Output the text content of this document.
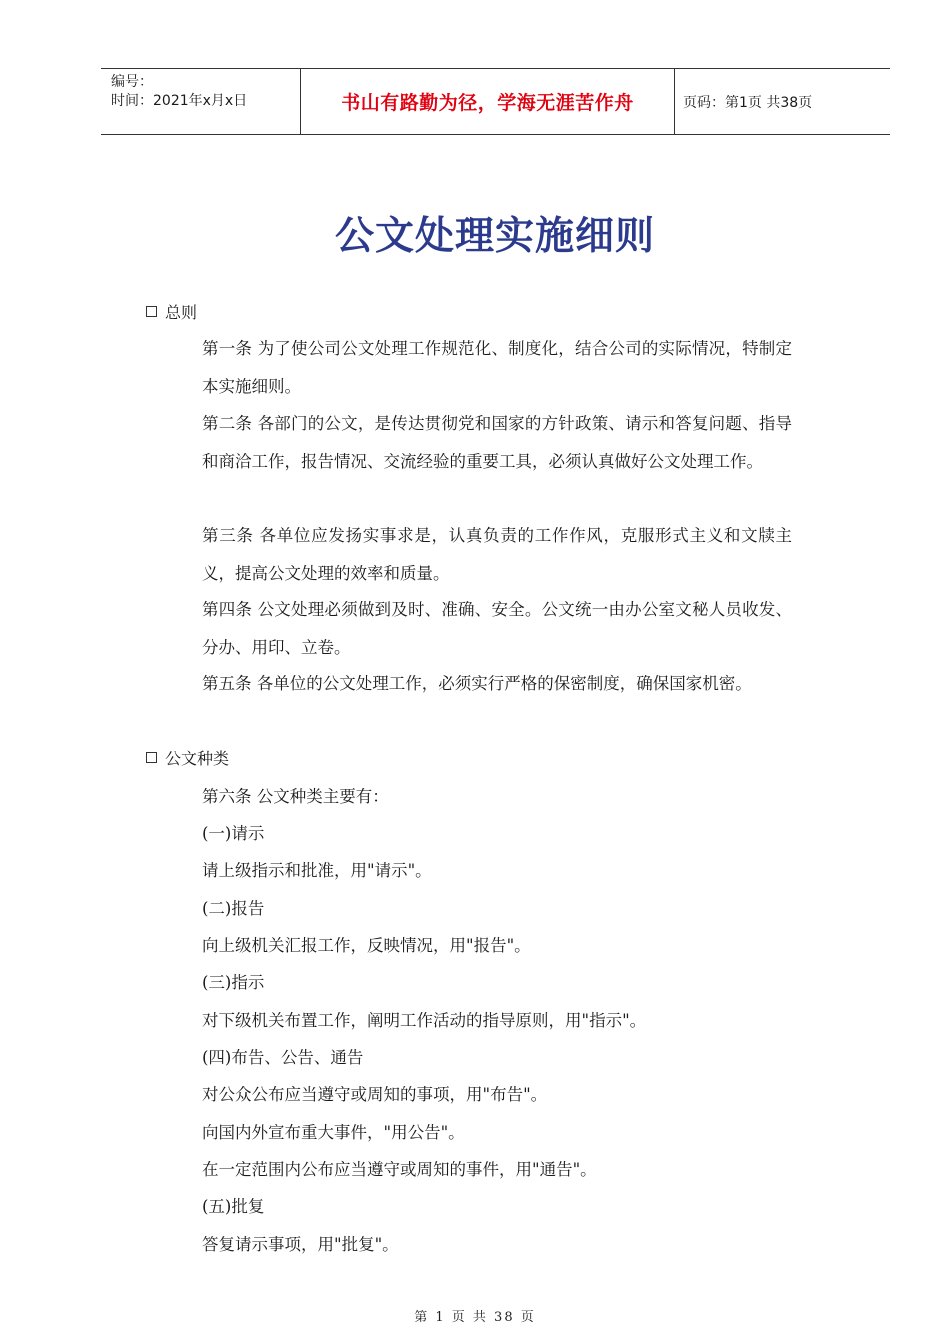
编号：
时间：2021年x月x日	书山有路勤为径，学海无涯苦作舟	页码：第1页 共38页
公文处理实施细则
总则
第一条 为了使公司公文处理工作规范化、制度化，结合公司的实际情况，特制定本实施细则。
第二条 各部门的公文，是传达贯彻党和国家的方针政策、请示和答复问题、指导和商洽工作，报告情况、交流经验的重要工具，必须认真做好公文处理工作。
第三条 各单位应发扬实事求是，认真负责的工作作风，克服形式主义和文牍主义，提高公文处理的效率和质量。
第四条 公文处理必须做到及时、准确、安全。公文统一由办公室文秘人员收发、分办、用印、立卷。
第五条 各单位的公文处理工作，必须实行严格的保密制度，确保国家机密。
公文种类
第六条 公文种类主要有：
(一)请示
请上级指示和批准，用"请示"。
(二)报告
向上级机关汇报工作，反映情况，用"报告"。
(三)指示
对下级机关布置工作，阐明工作活动的指导原则，用"指示"。
(四)布告、公告、通告
对公众公布应当遵守或周知的事项，用"布告"。
向国内外宣布重大事件，"用公告"。
在一定范围内公布应当遵守或周知的事件，用"通告"。
(五)批复
答复请示事项，用"批复"。
第 1 页 共 38 页
